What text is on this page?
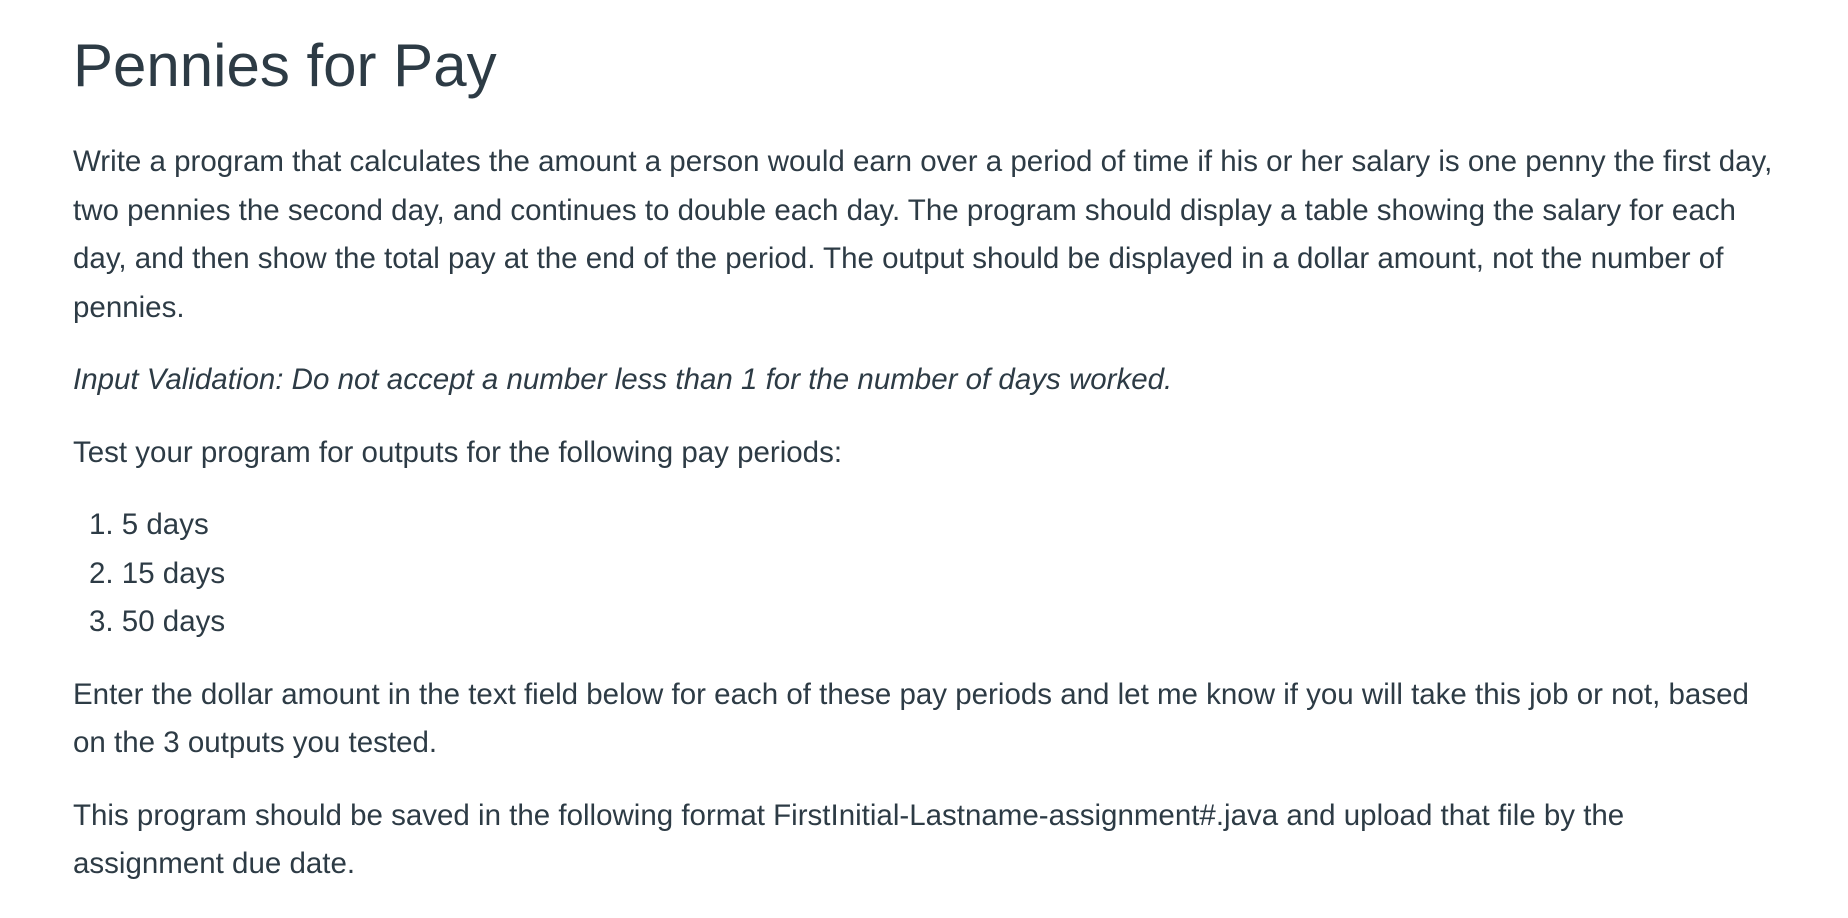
Pennies for Pay

Write a program that calculates the amount a person would earn over a period of time if his or her salary is one penny the first day, two pennies the second day, and continues to double each day. The program should display a table showing the salary for each day, and then show the total pay at the end of the period. The output should be displayed in a dollar amount, not the number of pennies.

Input Validation: Do not accept a number less than 1 for the number of days worked.

Test your program for outputs for the following pay periods:

1. 5 days
2. 15 days
3. 50 days

Enter the dollar amount in the text field below for each of these pay periods and let me know if you will take this job or not, based on the 3 outputs you tested.

This program should be saved in the following format FirstInitial-Lastname-assignment#.java and upload that file by the assignment due date.
